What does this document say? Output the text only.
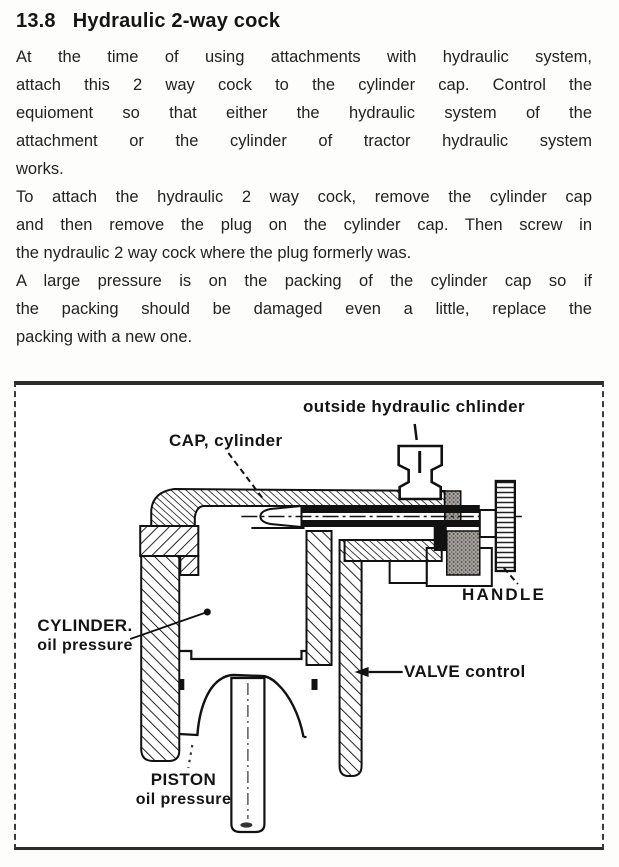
13.8 Hydraulic 2-way cock
At the time of using attachments with hydraulic system,
attach this 2 way cock to the cylinder cap. Control the
equioment so that either the hydraulic system of the
attachment or the cylinder of tractor hydraulic system
works.
To attach the hydraulic 2 way cock, remove the cylinder cap
and then remove the plug on the cylinder cap. Then screw in
the nydraulic 2 way cock where the plug formerly was.
A large pressure is on the packing of the cylinder cap so if
the packing should be damaged even a little, replace the
packing with a new one.
outside hydraulic chlinder
CAP, cylinder
HANDLE
CYLINDER.
oil pressure
VALVE control
PISTON
oil pressure
